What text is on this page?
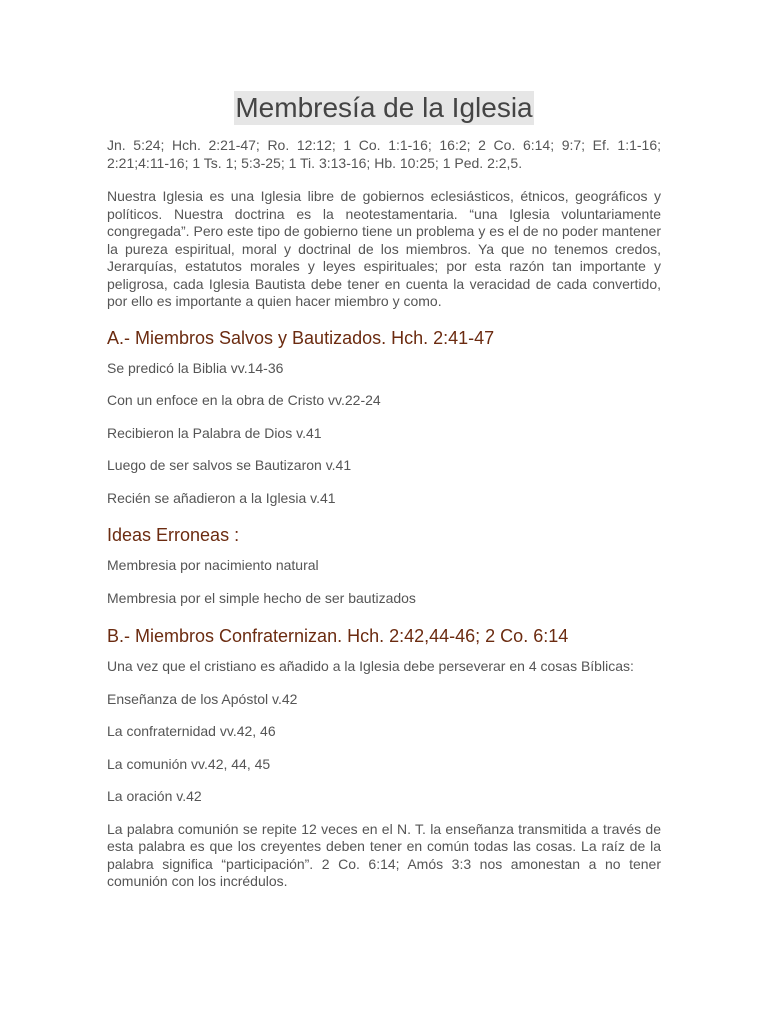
Membresía de la Iglesia

Jn. 5:24; Hch. 2:21-47; Ro. 12:12; 1 Co. 1:1-16; 16:2; 2 Co. 6:14; 9:7; Ef. 1:1-16; 2:21;4:11-16; 1 Ts. 1; 5:3-25; 1 Ti. 3:13-16; Hb. 10:25; 1 Ped. 2:2,5.

Nuestra Iglesia es una Iglesia libre de gobiernos eclesiásticos, étnicos, geográficos y políticos. Nuestra doctrina es la neotestamentaria. “una Iglesia voluntariamente congregada”. Pero este tipo de gobierno tiene un problema y es el de no poder mantener la pureza espiritual, moral y doctrinal de los miembros. Ya que no tenemos credos, Jerarquías, estatutos morales y leyes espirituales; por esta razón tan importante y peligrosa, cada Iglesia Bautista debe tener en cuenta la veracidad de cada convertido, por ello es importante a quien hacer miembro y como.

A.- Miembros Salvos y Bautizados. Hch. 2:41-47

Se predicó la Biblia vv.14-36

Con un enfoce en la obra de Cristo vv.22-24

Recibieron la Palabra de Dios v.41

Luego de ser salvos se Bautizaron v.41

Recién se añadieron a la Iglesia v.41

Ideas Erroneas :

Membresia por nacimiento natural

Membresia por el simple hecho de ser bautizados

B.- Miembros Confraternizan. Hch. 2:42,44-46; 2 Co. 6:14

Una vez que el cristiano es añadido a la Iglesia debe perseverar en 4 cosas Bíblicas:

Enseñanza de los Apóstol v.42

La confraternidad vv.42, 46

La comunión vv.42, 44, 45

La oración v.42

La palabra comunión se repite 12 veces en el N. T. la enseñanza transmitida a través de esta palabra es que los creyentes deben tener en común todas las cosas. La raíz de la palabra significa “participación”. 2 Co. 6:14; Amós 3:3 nos amonestan a no tener comunión con los incrédulos.
